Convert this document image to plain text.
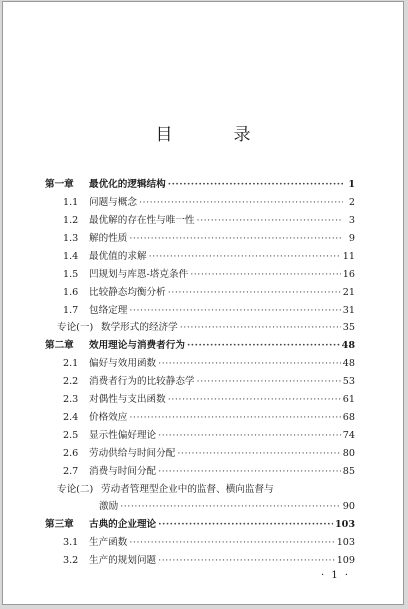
目　录
第一章	最优化的逻辑结构 ·····	1
1.1	问题与概念 ·····	2
1.2	最优解的存在性与唯一性 ·····	3
1.3	解的性质 ·····	9
1.4	最优值的求解 ·····	11
1.5	凹规划与库恩-塔克条件 ·····	16
1.6	比较静态均衡分析 ·····	21
1.7	包络定理 ·····	31
专论(一) 数学形式的经济学 ·····	35
第二章	效用理论与消费者行为 ·····	48
2.1	偏好与效用函数 ·····	48
2.2	消费者行为的比较静态学 ·····	53
2.3	对偶性与支出函数 ·····	61
2.4	价格效应 ·····	68
2.5	显示性偏好理论 ·····	74
2.6	劳动供给与时间分配 ·····	80
2.7	消费与时间分配 ·····	85
专论(二) 劳动者管理型企业中的监督、横向监督与
激励 ·····	90
第三章	古典的企业理论 ·····	103
3.1	生产函数 ·····	103
3.2	生产的规划问题 ·····	109
· 1 ·
